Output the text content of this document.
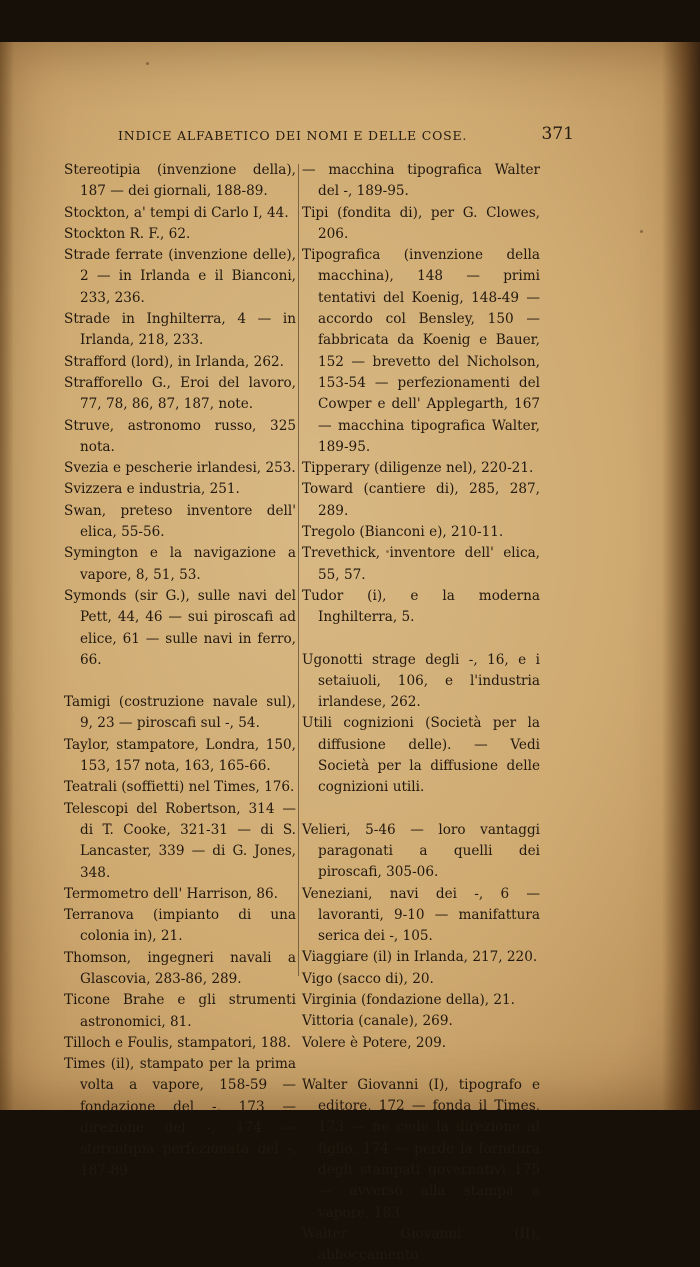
INDICE ALFABETICO DEI NOMI E DELLE COSE.	371

Stereotipia (invenzione della), 187 — dei giornali, 188-89.

Stockton, a' tempi di Carlo I, 44.

Stockton R. F., 62.

Strade ferrate (invenzione delle), 2 — in Irlanda e il Bianconi, 233, 236.

Strade in Inghilterra, 4 — in Irlanda, 218, 233.

Strafford (lord), in Irlanda, 262.

Strafforello G., Eroi del lavoro, 77, 78, 86, 87, 187, note.

Struve, astronomo russo, 325 nota.

Svezia e pescherie irlandesi, 253.

Svizzera e industria, 251.

Swan, preteso inventore dell' elica, 55-56.

Symington e la navigazione a vapore, 8, 51, 53.

Symonds (sir G.), sulle navi del Pett, 44, 46 — sui piroscafi ad elice, 61 — sulle navi in ferro, 66.

Tamigi (costruzione navale sul), 9, 23 — piroscafi sul -, 54.

Taylor, stampatore, Londra, 150, 153, 157 nota, 163, 165-66.

Teatrali (soffietti) nel Times, 176.

Telescopi del Robertson, 314 — di T. Cooke, 321-31 — di S. Lancaster, 339 — di G. Jones, 348.

Termometro dell' Harrison, 86.

Terranova (impianto di una colonia in), 21.

Thomson, ingegneri navali a Glascovia, 283-86, 289.

Ticone Brahe e gli strumenti astronomici, 81.

Tilloch e Foulis, stampatori, 188.

Times (il), stampato per la prima volta a vapore, 158-59 — fondazione del -, 173 — direzione del -, 174 — stereotipia perfezionata del -, 187-89

— macchina tipografica Walter del -, 189-95.

Tipi (fondita di), per G. Clowes, 206.

Tipografica (invenzione della macchina), 148 — primi tentativi del Koenig, 148-49 — accordo col Bensley, 150 — fabbricata da Koenig e Bauer, 152 — brevetto del Nicholson, 153-54 — perfezionamenti del Cowper e dell' Applegarth, 167 — macchina tipografica Walter, 189-95.

Tipperary (diligenze nel), 220-21.

Toward (cantiere di), 285, 287, 289.

Tregolo (Bianconi e), 210-11.

Trevethick, inventore dell' elica, 55, 57.

Tudor (i), e la moderna Inghilterra, 5.

Ugonotti strage degli -, 16, e i setaiuoli, 106, e l'industria irlandese, 262.

Utili cognizioni (Società per la diffusione delle). — Vedi Società per la diffusione delle cognizioni utili.

Velieri, 5-46 — loro vantaggi paragonati a quelli dei piroscafi, 305-06.

Veneziani, navi dei -, 6 — lavoranti, 9-10 — manifattura serica dei -, 105.

Viaggiare (il) in Irlanda, 217, 220.

Vigo (sacco di), 20.

Virginia (fondazione della), 21.

Vittoria (canale), 269.

Volere è Potere, 209.

Walter Giovanni (I), tipografo e editore, 172 — fonda il Times, 173 — ne cede la direzione al figlio, 174 — perde la fornitura degli stampati governativi 175 — avverso alla stampa a vapore, 183.

Walter Giovanni (II), abboccamento
